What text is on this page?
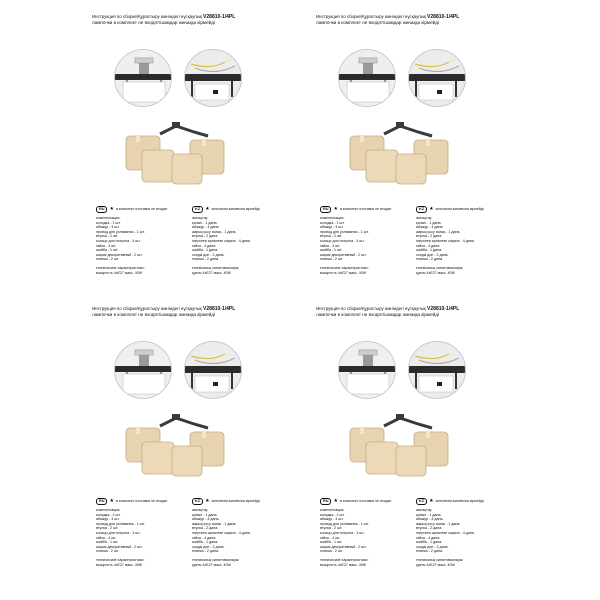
Инструкция по сборке/Құрастыру жөніндегі нұсқаулық V28810-1/4PL
лампочки в комплект не входят/шамдар жинаққа кірмейді
RU	★ в комплект поставки не входит
комплектация:
колодка - 1 шт.
абажур - 4 шт.
провод для ухливания - 1 шт.
втулка - 2 шт.
кольцо для потрона - 4 шт.
гайка - 4 шт.
шайба - 1 шт.
шарик декоративный - 2 шт.
планка - 2 шт.
технические характеристики:
мощность 4хE27 макс. 40W
KZ	★ жеткізілім жинағына кірмейді
жинақтау:
қалып - 1 дана.
абажур - 4 дана.
жарық қосу сымы - 1 дана.
втулка - 2 дана.
патронға арналған сақина - 4 дана.
гайка - 4 дана.
шайба - 1 дана.
сәндік доп - 2 дана.
планка - 2 дана.
техникалық сипаттамалары:
қуаты 4хE27 макс. 40W
Инструкция по сборке/Құрастыру жөніндегі нұсқаулық V28810-1/4PL
лампочки в комплект не входят/шамдар жинаққа кірмейді
RU	★ в комплект поставки не входит
комплектация:
колодка - 1 шт.
абажур - 4 шт.
провод для ухливания - 1 шт.
втулка - 2 шт.
кольцо для потрона - 4 шт.
гайка - 4 шт.
шайба - 1 шт.
шарик декоративный - 2 шт.
планка - 2 шт.
технические характеристики:
мощность 4хE27 макс. 40W
KZ	★ жеткізілім жинағына кірмейді
жинақтау:
қалып - 1 дана.
абажур - 4 дана.
жарық қосу сымы - 1 дана.
втулка - 2 дана.
патронға арналған сақина - 4 дана.
гайка - 4 дана.
шайба - 1 дана.
сәндік доп - 2 дана.
планка - 2 дана.
техникалық сипаттамалары:
қуаты 4хE27 макс. 40W
Инструкция по сборке/Құрастыру жөніндегі нұсқаулық V28810-1/4PL
лампочки в комплект не входят/шамдар жинаққа кірмейді
RU	★ в комплект поставки не входит
комплектация:
колодка - 1 шт.
абажур - 4 шт.
провод для ухливания - 1 шт.
втулка - 2 шт.
кольцо для потрона - 4 шт.
гайка - 4 шт.
шайба - 1 шт.
шарик декоративный - 2 шт.
планка - 2 шт.
технические характеристики:
мощность 4хE27 макс. 40W
KZ	★ жеткізілім жинағына кірмейді
жинақтау:
қалып - 1 дана.
абажур - 4 дана.
жарық қосу сымы - 1 дана.
втулка - 2 дана.
патронға арналған сақина - 4 дана.
гайка - 4 дана.
шайба - 1 дана.
сәндік доп - 2 дана.
планка - 2 дана.
техникалық сипаттамалары:
қуаты 4хE27 макс. 40W
Инструкция по сборке/Құрастыру жөніндегі нұсқаулық V28810-1/4PL
лампочки в комплект не входят/шамдар жинаққа кірмейді
RU	★ в комплект поставки не входит
комплектация:
колодка - 1 шт.
абажур - 4 шт.
провод для ухливания - 1 шт.
втулка - 2 шт.
кольцо для потрона - 4 шт.
гайка - 4 шт.
шайба - 1 шт.
шарик декоративный - 2 шт.
планка - 2 шт.
технические характеристики:
мощность 4хE27 макс. 40W
KZ	★ жеткізілім жинағына кірмейді
жинақтау:
қалып - 1 дана.
абажур - 4 дана.
жарық қосу сымы - 1 дана.
втулка - 2 дана.
патронға арналған сақина - 4 дана.
гайка - 4 дана.
шайба - 1 дана.
сәндік доп - 2 дана.
планка - 2 дана.
техникалық сипаттамалары:
қуаты 4хE27 макс. 40W
